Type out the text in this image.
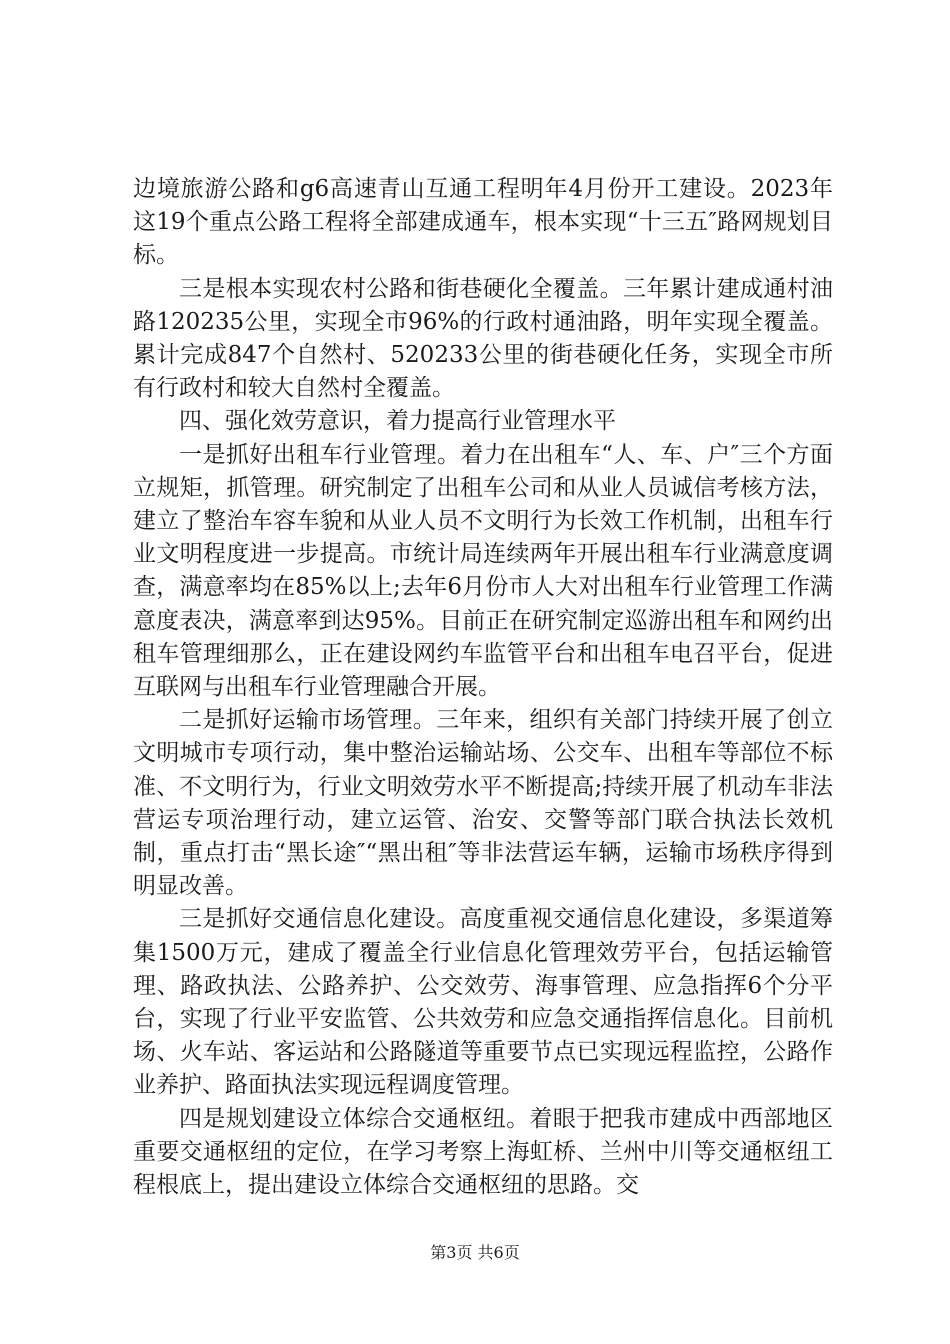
边境旅游公路和g6高速青山互通工程明年4月份开工建设。2023年这19个重点公路工程将全部建成通车，根本实现“十三五″路网规划目标。

三是根本实现农村公路和街巷硬化全覆盖。三年累计建成通村油路120235公里，实现全市96%的行政村通油路，明年实现全覆盖。累计完成847个自然村、520233公里的街巷硬化任务，实现全市所有行政村和较大自然村全覆盖。

四、强化效劳意识，着力提高行业管理水平

一是抓好出租车行业管理。着力在出租车“人、车、户″三个方面立规矩，抓管理。研究制定了出租车公司和从业人员诚信考核方法，建立了整治车容车貌和从业人员不文明行为长效工作机制，出租车行业文明程度进一步提高。市统计局连续两年开展出租车行业满意度调查，满意率均在85%以上;去年6月份市人大对出租车行业管理工作满意度表决，满意率到达95%。目前正在研究制定巡游出租车和网约出租车管理细那么，正在建设网约车监管平台和出租车电召平台，促进互联网与出租车行业管理融合开展。

二是抓好运输市场管理。三年来，组织有关部门持续开展了创立文明城市专项行动，集中整治运输站场、公交车、出租车等部位不标准、不文明行为，行业文明效劳水平不断提高;持续开展了机动车非法营运专项治理行动，建立运管、治安、交警等部门联合执法长效机制，重点打击“黑长途″“黑出租″等非法营运车辆，运输市场秩序得到明显改善。

三是抓好交通信息化建设。高度重视交通信息化建设，多渠道筹集1500万元，建成了覆盖全行业信息化管理效劳平台，包括运输管理、路政执法、公路养护、公交效劳、海事管理、应急指挥6个分平台，实现了行业平安监管、公共效劳和应急交通指挥信息化。目前机场、火车站、客运站和公路隧道等重要节点已实现远程监控，公路作业养护、路面执法实现远程调度管理。

四是规划建设立体综合交通枢纽。着眼于把我市建成中西部地区重要交通枢纽的定位，在学习考察上海虹桥、兰州中川等交通枢纽工程根底上，提出建设立体综合交通枢纽的思路。交

第3页 共6页
